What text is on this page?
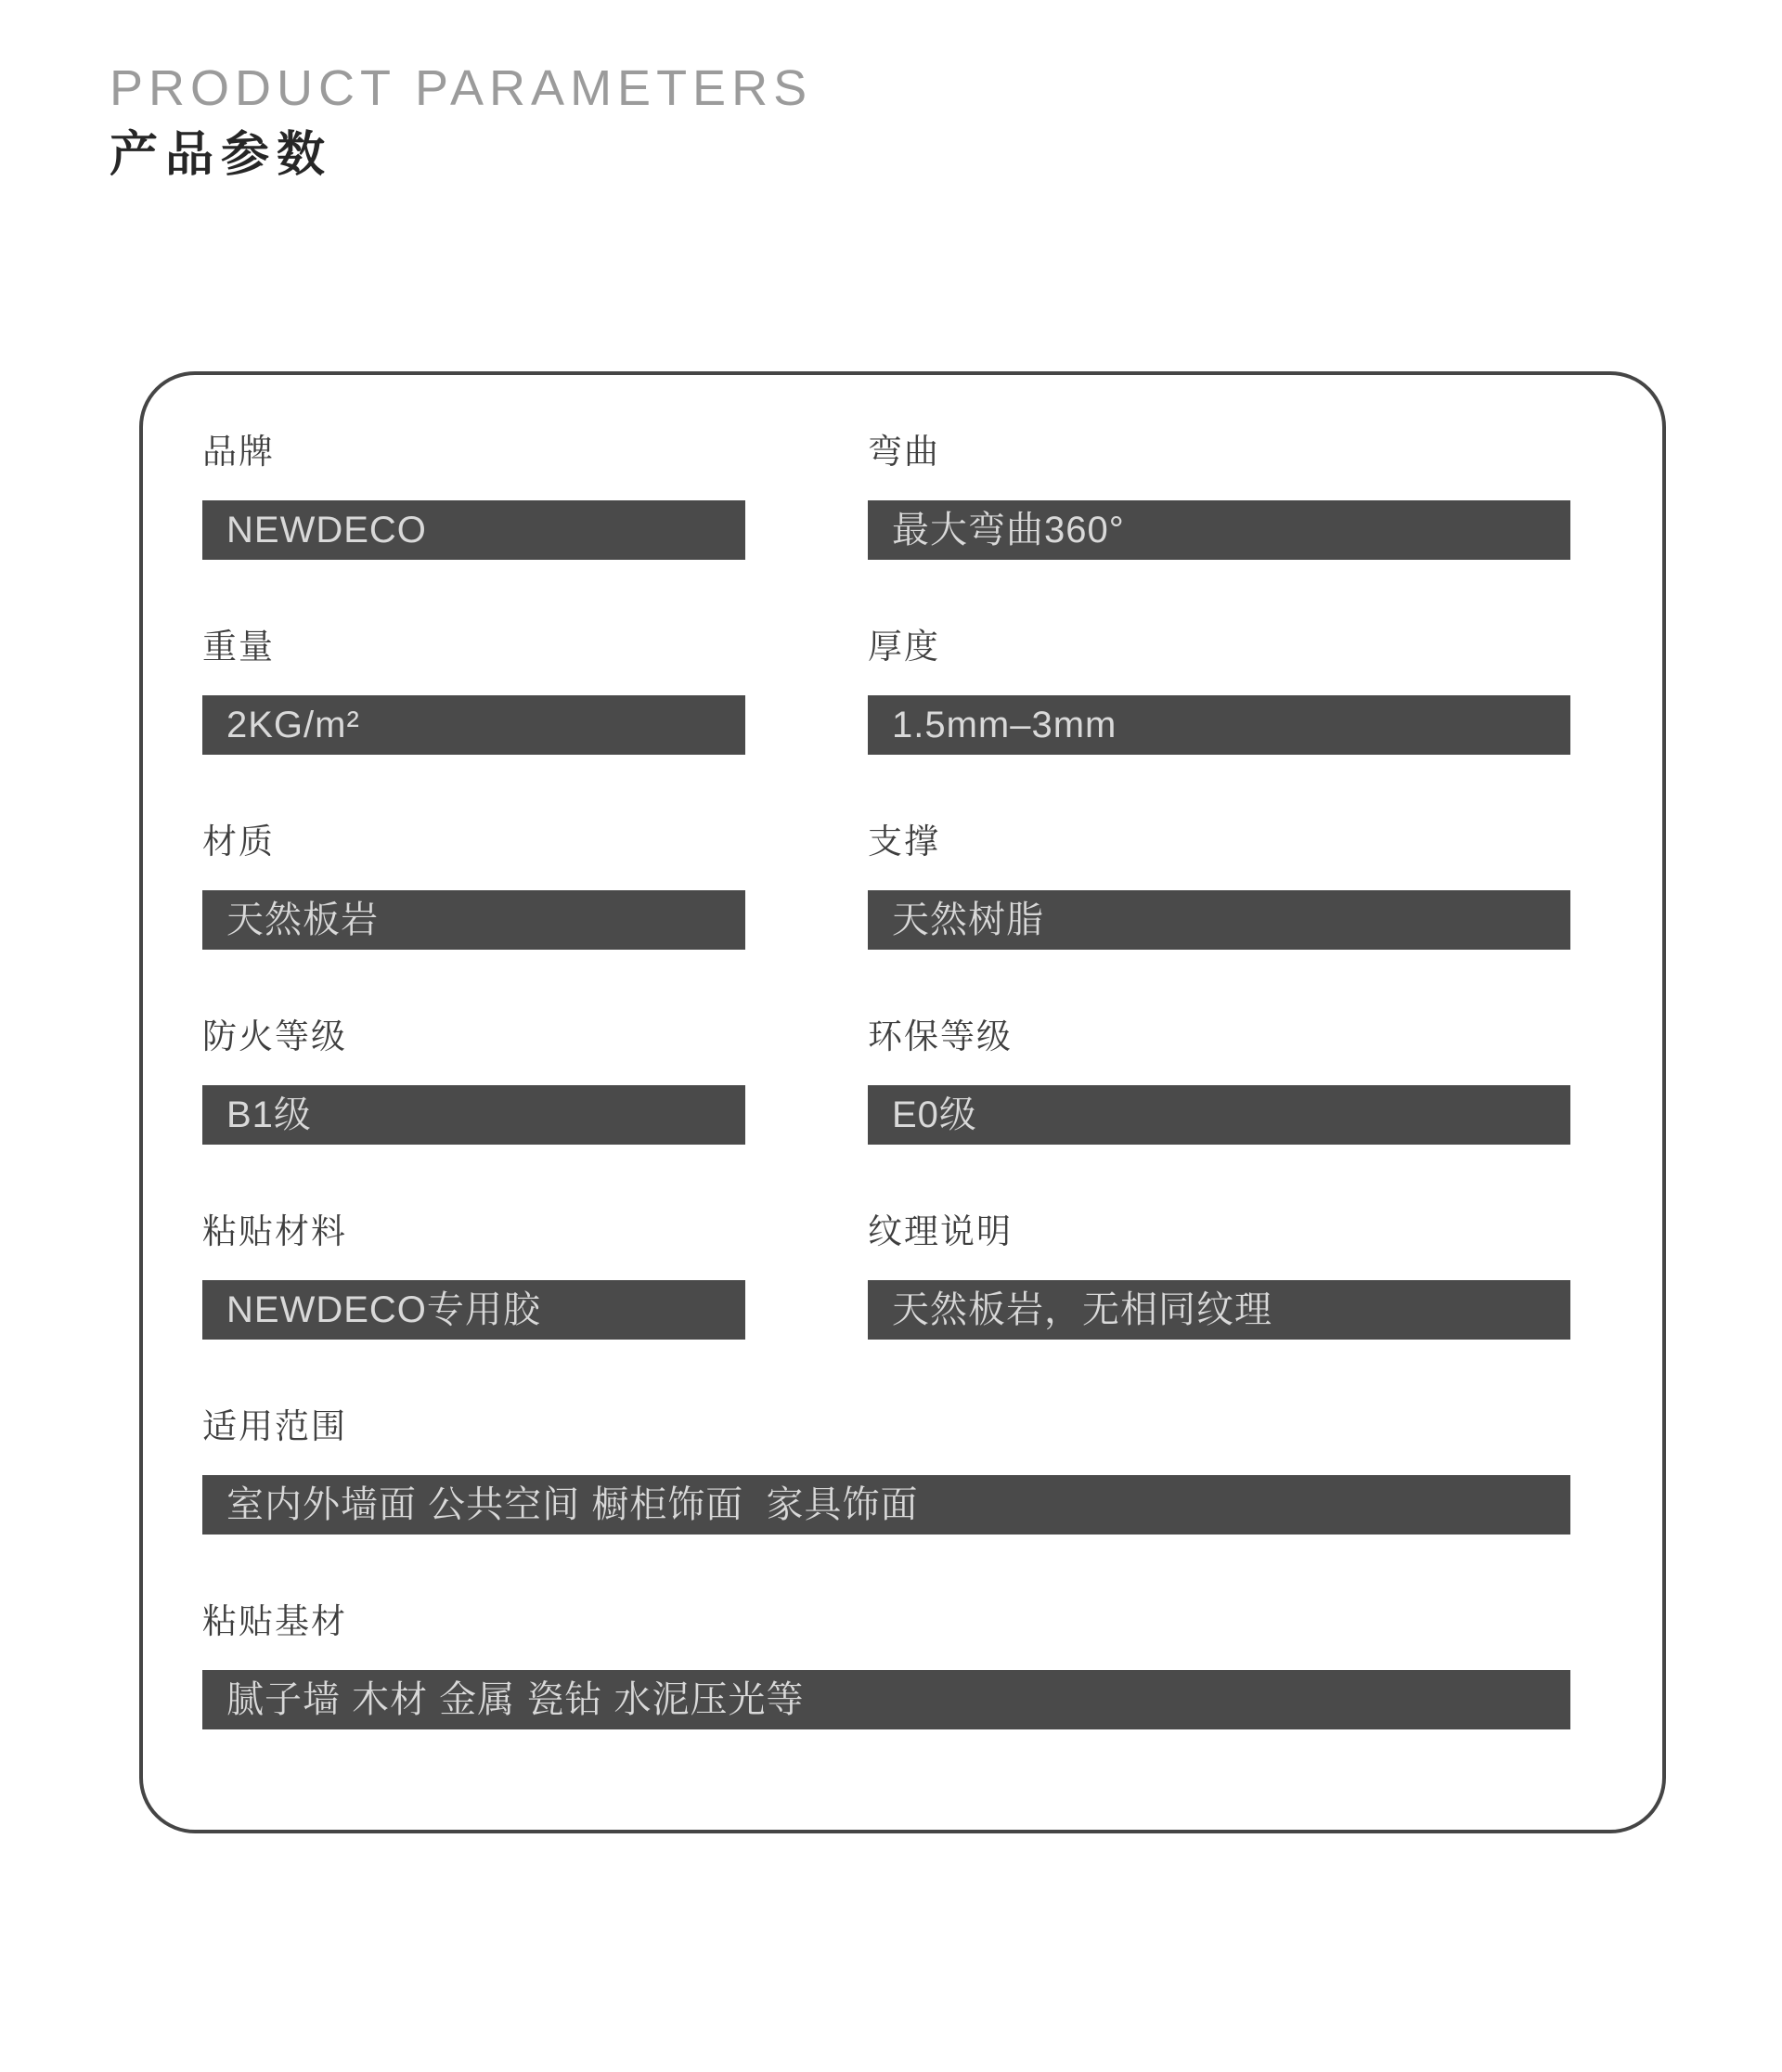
PRODUCT PARAMETERS
产品参数
品牌
NEWDECO
弯曲
最大弯曲360°
重量
2KG/m²
厚度
1.5mm–3mm
材质
天然板岩
支撑
天然树脂
防火等级
B1级
环保等级
E0级
粘贴材料
NEWDECO专用胶
纹理说明
天然板岩，无相同纹理
适用范围
室内外墙面 公共空间 橱柜饰面  家具饰面
粘贴基材
腻子墙 木材 金属 瓷钻 水泥压光等
